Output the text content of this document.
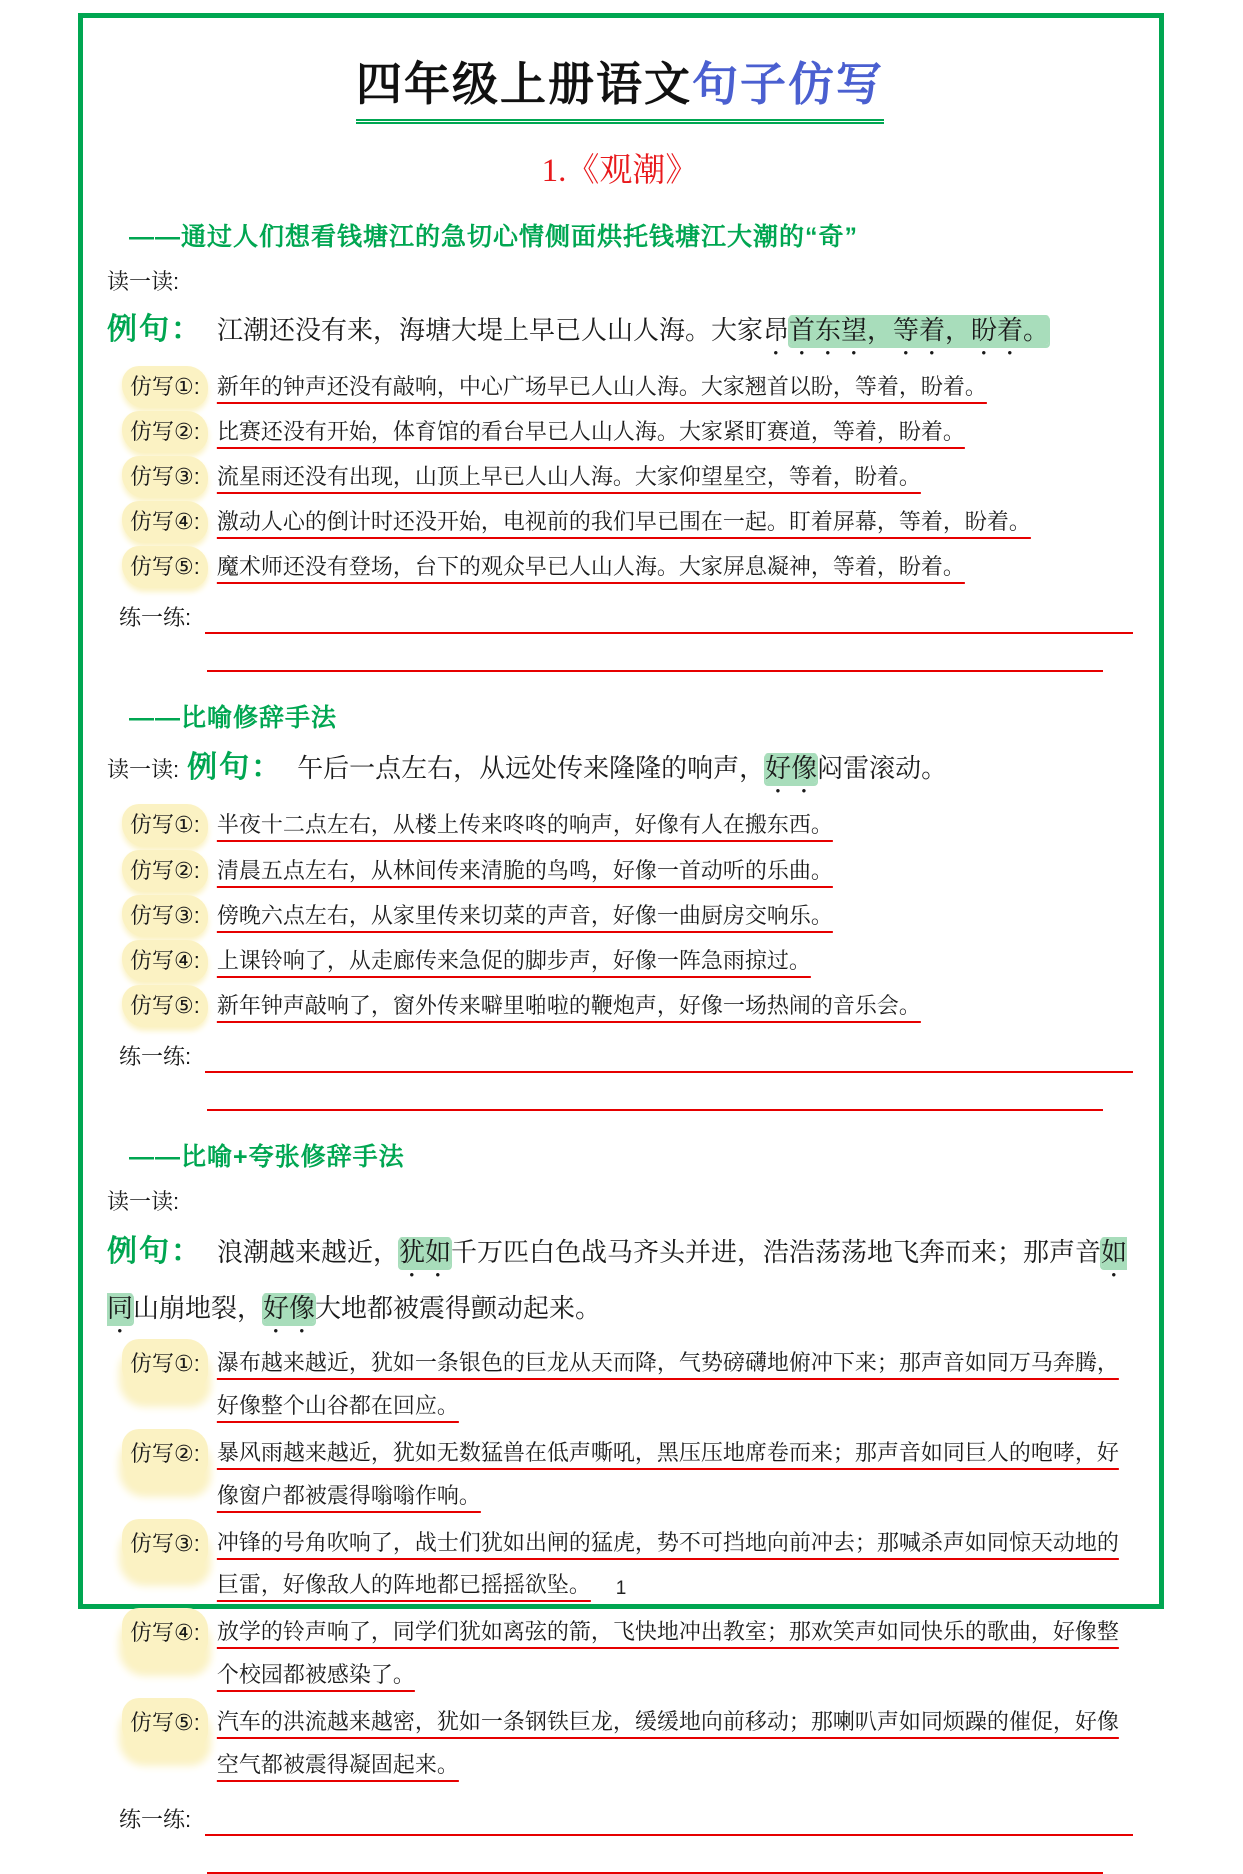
四年级上册语文句子仿写
1.《观潮》
——通过人们想看钱塘江的急切心情侧面烘托钱塘江大潮的“奇”
读一读:
例句： 江潮还没有来，海塘大堤上早已人山人海。大家昂首东望，等着，盼着。
仿写①: 新年的钟声还没有敲响，中心广场早已人山人海。大家翘首以盼，等着，盼着。
仿写②: 比赛还没有开始，体育馆的看台早已人山人海。大家紧盯赛道，等着，盼着。
仿写③: 流星雨还没有出现，山顶上早已人山人海。大家仰望星空，等着，盼着。
仿写④: 激动人心的倒计时还没开始，电视前的我们早已围在一起。盯着屏幕，等着，盼着。
仿写⑤: 魔术师还没有登场，台下的观众早已人山人海。大家屏息凝神，等着，盼着。
练一练:
——比喻修辞手法
读一读: 例句： 午后一点左右，从远处传来隆隆的响声，好像闷雷滚动。
仿写①: 半夜十二点左右，从楼上传来咚咚的响声，好像有人在搬东西。
仿写②: 清晨五点左右，从林间传来清脆的鸟鸣，好像一首动听的乐曲。
仿写③: 傍晚六点左右，从家里传来切菜的声音，好像一曲厨房交响乐。
仿写④: 上课铃响了，从走廊传来急促的脚步声，好像一阵急雨掠过。
仿写⑤: 新年钟声敲响了，窗外传来噼里啪啦的鞭炮声，好像一场热闹的音乐会。
练一练:
——比喻+夸张修辞手法
读一读:
例句： 浪潮越来越近，犹如千万匹白色战马齐头并进，浩浩荡荡地飞奔而来；那声音如同山崩地裂，好像大地都被震得颤动起来。
仿写①: 瀑布越来越近，犹如一条银色的巨龙从天而降，气势磅礴地俯冲下来；那声音如同万马奔腾，好像整个山谷都在回应。
仿写②: 暴风雨越来越近，犹如无数猛兽在低声嘶吼，黑压压地席卷而来；那声音如同巨人的咆哮，好像窗户都被震得嗡嗡作响。
仿写③: 冲锋的号角吹响了，战士们犹如出闸的猛虎，势不可挡地向前冲去；那喊杀声如同惊天动地的巨雷，好像敌人的阵地都已摇摇欲坠。
仿写④: 放学的铃声响了，同学们犹如离弦的箭，飞快地冲出教室；那欢笑声如同快乐的歌曲，好像整个校园都被感染了。
仿写⑤: 汽车的洪流越来越密，犹如一条钢铁巨龙，缓缓地向前移动；那喇叭声如同烦躁的催促，好像空气都被震得凝固起来。
练一练:
1
